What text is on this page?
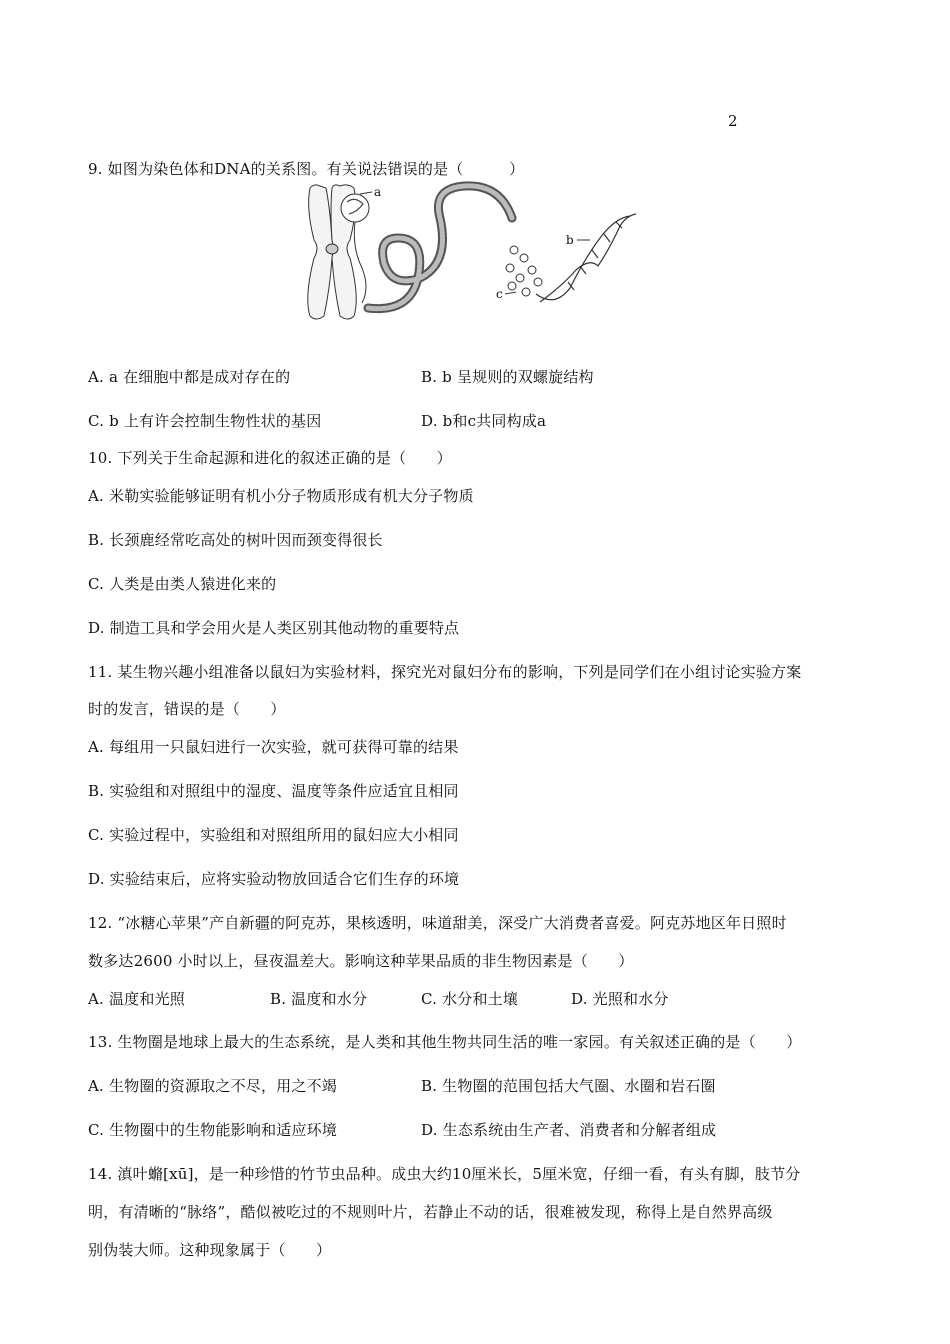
2
9. 如图为染色体和DNA的关系图。有关说法错误的是（　　　）
a
c
b
A. a 在细胞中都是成对存在的	B. b 呈规则的双螺旋结构
C. b 上有许会控制生物性状的基因	D. b和c共同构成a
10. 下列关于生命起源和进化的叙述正确的是（　　）
A. 米勒实验能够证明有机小分子物质形成有机大分子物质
B. 长颈鹿经常吃高处的树叶因而颈变得很长
C. 人类是由类人猿进化来的
D. 制造工具和学会用火是人类区别其他动物的重要特点
11. 某生物兴趣小组准备以鼠妇为实验材料，探究光对鼠妇分布的影响，下列是同学们在小组讨论实验方案
时的发言，错误的是（　　）
A. 每组用一只鼠妇进行一次实验，就可获得可靠的结果
B. 实验组和对照组中的湿度、温度等条件应适宜且相同
C. 实验过程中，实验组和对照组所用的鼠妇应大小相同
D. 实验结束后，应将实验动物放回适合它们生存的环境
12. “冰糖心苹果”产自新疆的阿克苏，果核透明，味道甜美，深受广大消费者喜爱。阿克苏地区年日照时
数多达2600 小时以上，昼夜温差大。影响这种苹果品质的非生物因素是（　　）
A. 温度和光照	B. 温度和水分	C. 水分和土壤	D. 光照和水分
13. 生物圈是地球上最大的生态系统，是人类和其他生物共同生活的唯一家园。有关叙述正确的是（　　）
A. 生物圈的资源取之不尽，用之不竭	B. 生物圈的范围包括大气圈、水圈和岩石圈
C. 生物圈中的生物能影响和适应环境	D. 生态系统由生产者、消费者和分解者组成
14. 滇叶䗛[xū]，是一种珍惜的竹节虫品种。成虫大约10厘米长，5厘米宽，仔细一看，有头有脚，肢节分
明，有清晰的“脉络”，酷似被吃过的不规则叶片，若静止不动的话，很难被发现，称得上是自然界高级
别伪装大师。这种现象属于（　　）
